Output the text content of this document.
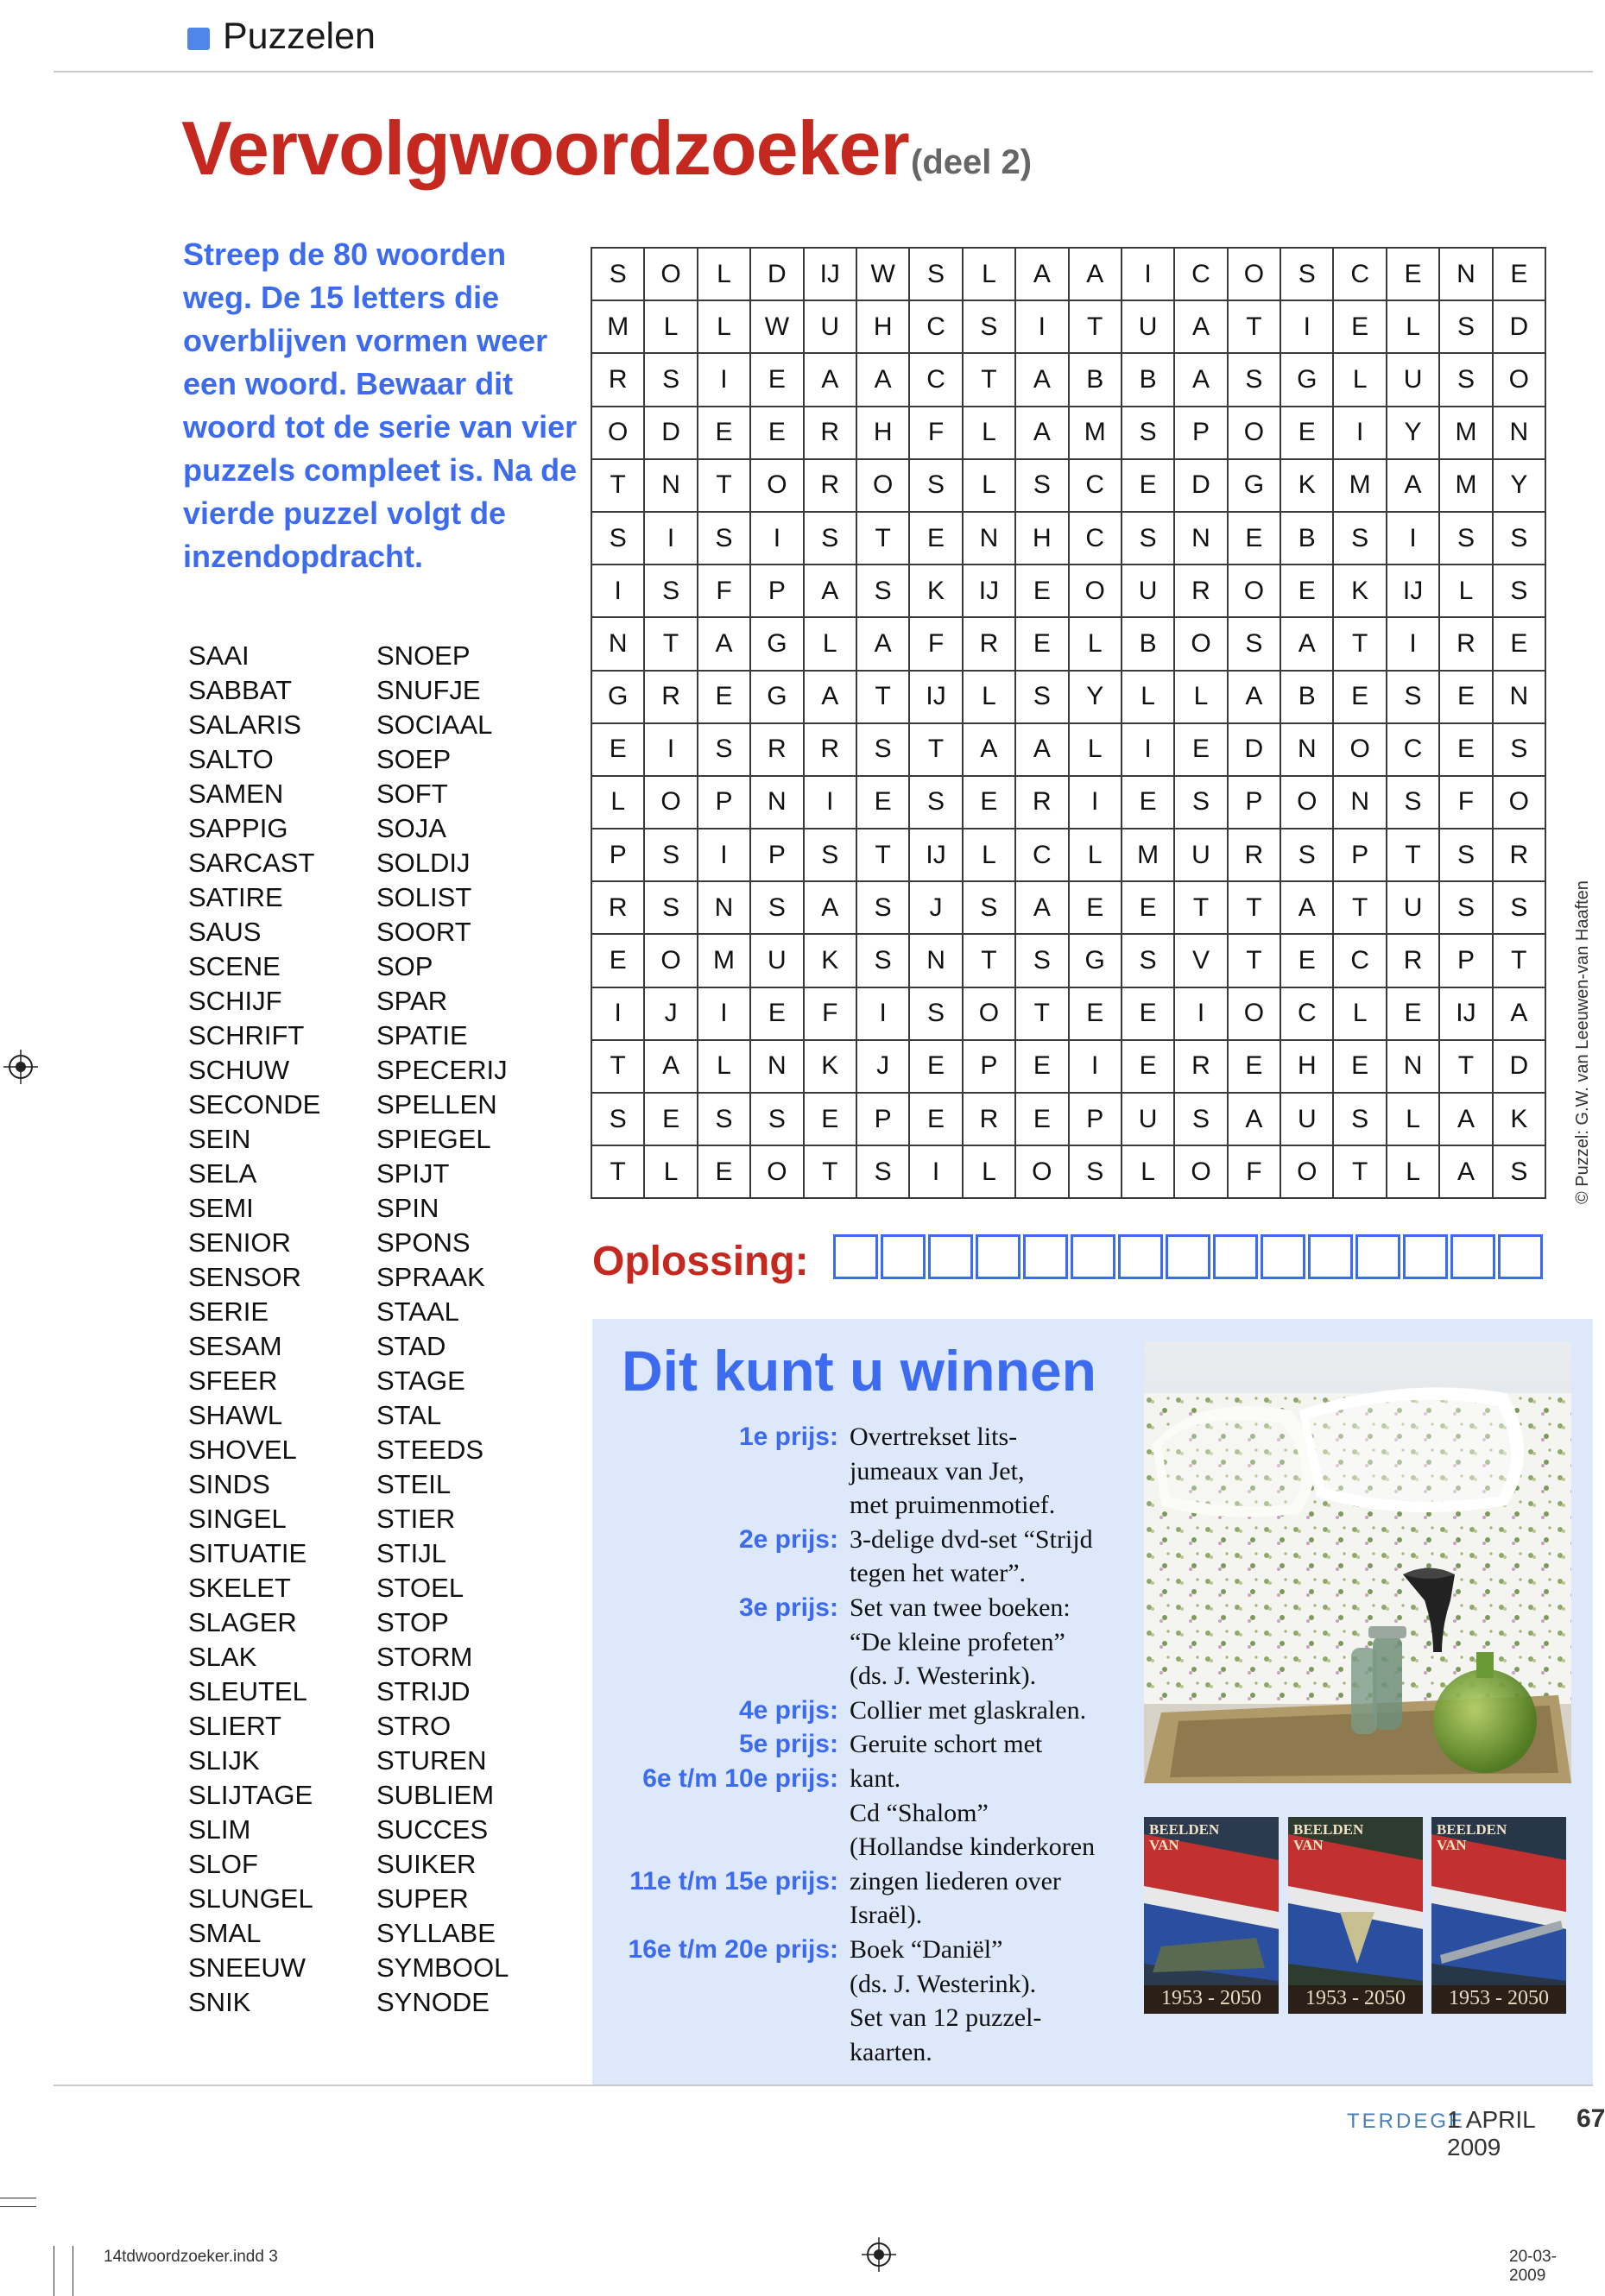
Puzzelen
Vervolgwoordzoeker (deel 2)
Streep de 80 woorden weg. De 15 letters die overblijven vormen weer een woord. Bewaar dit woord tot de serie van vier puzzels compleet is. Na de vierde puzzel volgt de inzendopdracht.
SAAI
SABBAT
SALARIS
SALTO
SAMEN
SAPPIG
SARCAST
SATIRE
SAUS
SCENE
SCHIJF
SCHRIFT
SCHUW
SECONDE
SEIN
SELA
SEMI
SENIOR
SENSOR
SERIE
SESAM
SFEER
SHAWL
SHOVEL
SINDS
SINGEL
SITUATIE
SKELET
SLAGER
SLAK
SLEUTEL
SLIERT
SLIJK
SLIJTAGE
SLIM
SLOF
SLUNGEL
SMAL
SNEEUW
SNIK
SNOEP
SNUFJE
SOCIAAL
SOEP
SOFT
SOJA
SOLDIJ
SOLIST
SOORT
SOP
SPAR
SPATIE
SPECERIJ
SPELLEN
SPIEGEL
SPIJT
SPIN
SPONS
SPRAAK
STAAL
STAD
STAGE
STAL
STEEDS
STEIL
STIER
STIJL
STOEL
STOP
STORM
STRIJD
STRO
STUREN
SUBLIEM
SUCCES
SUIKER
SUPER
SYLLABE
SYMBOOL
SYNODE
S	O	L	D	IJ	W	S	L	A	A	I	C	O	S	C	E	N	E
M	L	L	W	U	H	C	S	I	T	U	A	T	I	E	L	S	D
R	S	I	E	A	A	C	T	A	B	B	A	S	G	L	U	S	O
O	D	E	E	R	H	F	L	A	M	S	P	O	E	I	Y	M	N
T	N	T	O	R	O	S	L	S	C	E	D	G	K	M	A	M	Y
S	I	S	I	S	T	E	N	H	C	S	N	E	B	S	I	S	S
I	S	F	P	A	S	K	IJ	E	O	U	R	O	E	K	IJ	L	S
N	T	A	G	L	A	F	R	E	L	B	O	S	A	T	I	R	E
G	R	E	G	A	T	IJ	L	S	Y	L	L	A	B	E	S	E	N
E	I	S	R	R	S	T	A	A	L	I	E	D	N	O	C	E	S
L	O	P	N	I	E	S	E	R	I	E	S	P	O	N	S	F	O
P	S	I	P	S	T	IJ	L	C	L	M	U	R	S	P	T	S	R
R	S	N	S	A	S	J	S	A	E	E	T	T	A	T	U	S	S
E	O	M	U	K	S	N	T	S	G	S	V	T	E	C	R	P	T
I	J	I	E	F	I	S	O	T	E	E	I	O	C	L	E	IJ	A
T	A	L	N	K	J	E	P	E	I	E	R	E	H	E	N	T	D
S	E	S	S	E	P	E	R	E	P	U	S	A	U	S	L	A	K
T	L	E	O	T	S	I	L	O	S	L	O	F	O	T	L	A	S	© Puzzel: G.W. van Leeuwen-van Haaften
Oplossing:
Dit kunt u winnen
1e prijs: Overtrekset lits-
jumeaux van Jet,
met pruimenmotief.
2e prijs: 3-delige dvd-set “Strijd
tegen het water”.
3e prijs: Set van twee boeken:
“De kleine profeten”
(ds. J. Westerink).
4e prijs: Collier met glaskralen.
5e prijs: Geruite schort met
6e t/m 10e prijs: kant.
Cd “Shalom”
(Hollandse kinderkoren
11e t/m 15e prijs: zingen liederen over
Israël).
16e t/m 20e prijs: Boek “Daniël”
(ds. J. Westerink).
Set van 12 puzzel-
kaarten.
BEELDEN
VAN
1953 - 2050
BEELDEN
VAN
1953 - 2050
BEELDEN
VAN
1953 - 2050
TERDEGE
1 APRIL 2009
67
14tdwoordzoeker.indd 3	20-03-2009
